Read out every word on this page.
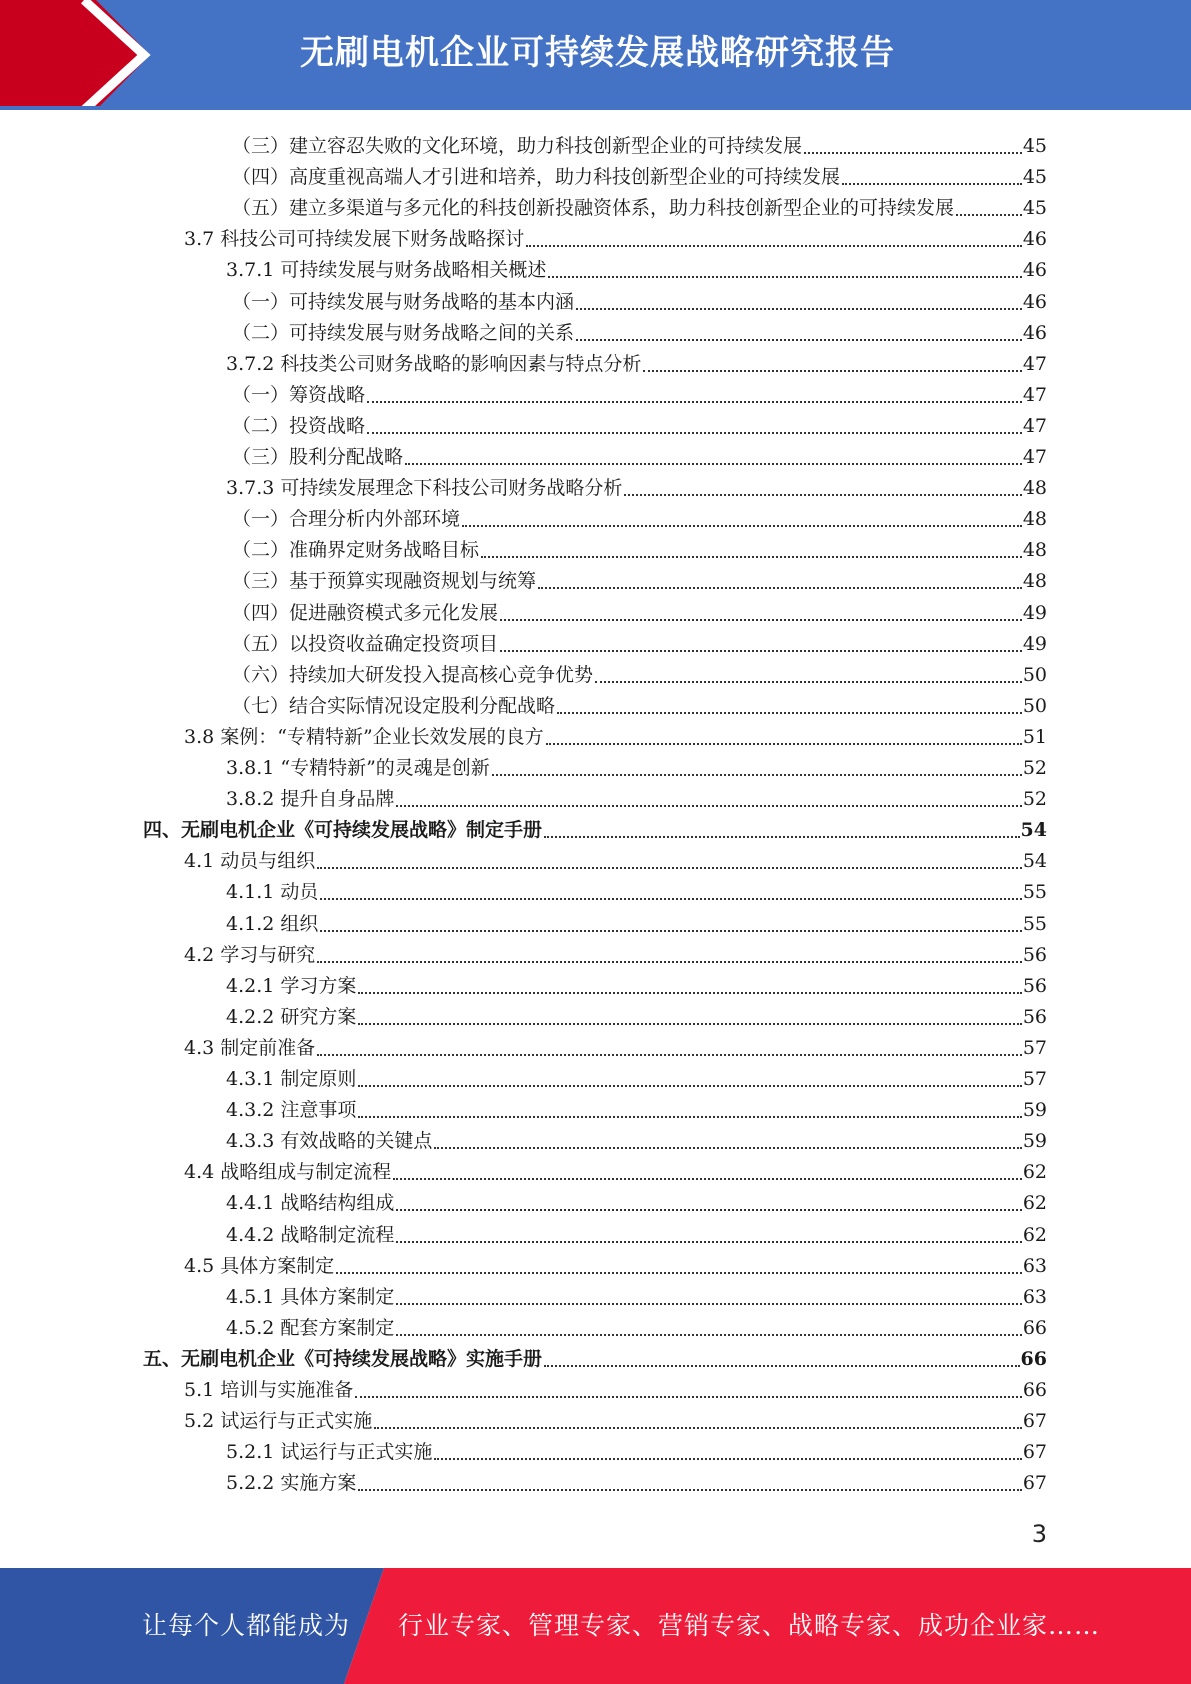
无刷电机企业可持续发展战略研究报告
（三）建立容忍失败的文化环境，助力科技创新型企业的可持续发展	45
（四）高度重视高端人才引进和培养，助力科技创新型企业的可持续发展	45
（五）建立多渠道与多元化的科技创新投融资体系，助力科技创新型企业的可持续发展	45
3.7 科技公司可持续发展下财务战略探讨	46
3.7.1 可持续发展与财务战略相关概述	46
（一）可持续发展与财务战略的基本内涵	46
（二）可持续发展与财务战略之间的关系	46
3.7.2 科技类公司财务战略的影响因素与特点分析	47
（一）筹资战略	47
（二）投资战略	47
（三）股利分配战略	47
3.7.3 可持续发展理念下科技公司财务战略分析	48
（一）合理分析内外部环境	48
（二）准确界定财务战略目标	48
（三）基于预算实现融资规划与统筹	48
（四）促进融资模式多元化发展	49
（五）以投资收益确定投资项目	49
（六）持续加大研发投入提高核心竞争优势	50
（七）结合实际情况设定股利分配战略	50
3.8 案例：“专精特新”企业长效发展的良方	51
3.8.1 “专精特新”的灵魂是创新	52
3.8.2 提升自身品牌	52
四、无刷电机企业《可持续发展战略》制定手册	54
4.1 动员与组织	54
4.1.1 动员	55
4.1.2 组织	55
4.2 学习与研究	56
4.2.1 学习方案	56
4.2.2 研究方案	56
4.3 制定前准备	57
4.3.1 制定原则	57
4.3.2 注意事项	59
4.3.3 有效战略的关键点	59
4.4 战略组成与制定流程	62
4.4.1 战略结构组成	62
4.4.2 战略制定流程	62
4.5 具体方案制定	63
4.5.1 具体方案制定	63
4.5.2 配套方案制定	66
五、无刷电机企业《可持续发展战略》实施手册	66
5.1 培训与实施准备	66
5.2 试运行与正式实施	67
5.2.1 试运行与正式实施	67
5.2.2 实施方案	67
3
让每个人都能成为 行业专家、管理专家、营销专家、战略专家、成功企业家……
